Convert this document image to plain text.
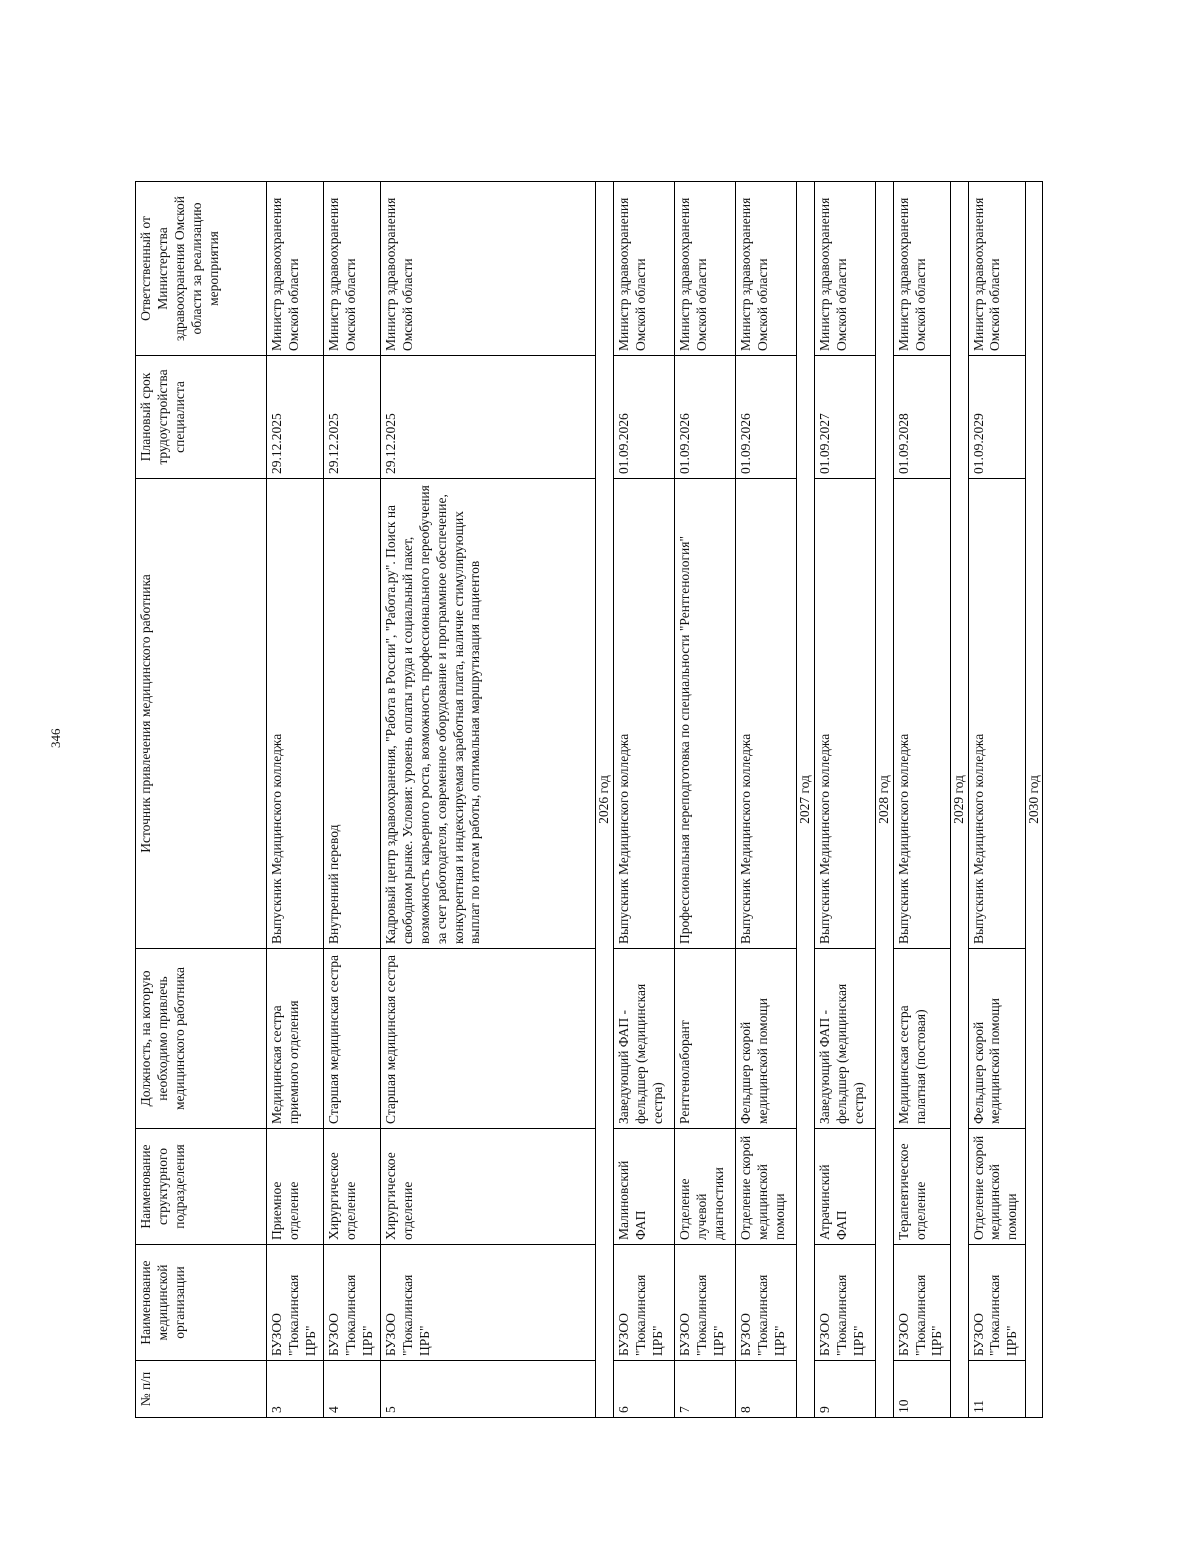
346
№ п/п	Наименование медицинской организации	Наименование структурного подразделения	Должность, на которую необходимо привлечь медицинского работника	Источник привлечения медицинского работника	Плановый срок трудоустройства специалиста	Ответственный от Министерства здравоохранения Омской области за реализацию мероприятия
3	БУЗОО "Тюкалинская ЦРБ"	Приемное отделение	Медицинская сестра приемного отделения	Выпускник Медицинского колледжа	29.12.2025	Министр здравоохранения Омской области
4	БУЗОО "Тюкалинская ЦРБ"	Хирургическое отделение	Старшая медицинская сестра	Внутренний перевод	29.12.2025	Министр здравоохранения Омской области
5	БУЗОО "Тюкалинская ЦРБ"	Хирургическое отделение	Старшая медицинская сестра	Кадровый центр здравоохранения, "Работа в России", "Работа.ру". Поиск на свободном рынке. Условия: уровень оплаты труда и социальный пакет, возможность карьерного роста, возможность профессионального переобучения за счет работодателя, современное оборудование и программное обеспечение, конкурентная и индексируемая заработная плата, наличие стимулирующих выплат по итогам работы, оптимальная маршрутизация пациентов	29.12.2025	Министр здравоохранения Омской области
2026 год						
6	БУЗОО "Тюкалинская ЦРБ"	Малиновский ФАП	Заведующий ФАП - фельдшер (медицинская сестра)	Выпускник Медицинского колледжа	01.09.2026	Министр здравоохранения Омской области
7	БУЗОО "Тюкалинская ЦРБ"	Отделение лучевой диагностики	Рентгенолаборант	Профессиональная переподготовка по специальности "Рентгенология"	01.09.2026	Министр здравоохранения Омской области
8	БУЗОО "Тюкалинская ЦРБ"	Отделение скорой медицинской помощи	Фельдшер скорой медицинской помощи	Выпускник Медицинского колледжа	01.09.2026	Министр здравоохранения Омской области
2027 год						
9	БУЗОО "Тюкалинская ЦРБ"	Атрачинский ФАП	Заведующий ФАП - фельдшер (медицинская сестра)	Выпускник Медицинского колледжа	01.09.2027	Министр здравоохранения Омской области
2028 год						
10	БУЗОО "Тюкалинская ЦРБ"	Терапевтическое отделение	Медицинская сестра палатная (постовая)	Выпускник Медицинского колледжа	01.09.2028	Министр здравоохранения Омской области
2029 год						
11	БУЗОО "Тюкалинская ЦРБ"	Отделение скорой медицинской помощи	Фельдшер скорой медицинской помощи	Выпускник Медицинского колледжа	01.09.2029	Министр здравоохранения Омской области
2030 год						
